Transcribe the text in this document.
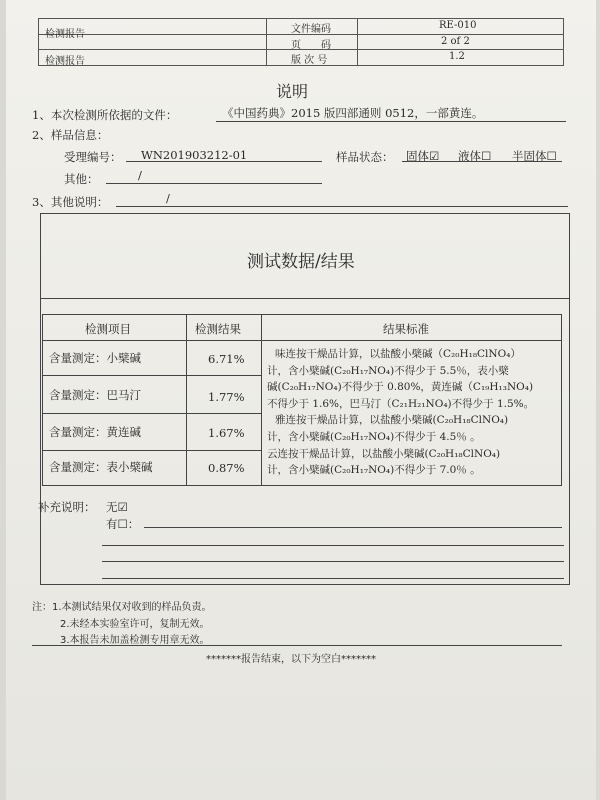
检测报告
检测报告
文件编码	RE-010
页　　码	2 of 2
版 次 号	1.2
说明
1、本次检测所依据的文件：	《中国药典》2015 版四部通则 0512，一部黄连。
2、样品信息：
受理编号： WN201903212-01	样品状态： 固体☑ 液体☐ 半固体☐
其他：	/
3、其他说明：	/
测试数据/结果
检测项目	检测结果	结果标准
含量测定：小檗碱	6.71%
含量测定：巴马汀	1.77%
含量测定：黄连碱	1.67%
含量测定：表小檗碱	0.87%
味连按干燥品计算，以盐酸小檗碱（C₂₀H₁₈ClNO₄）
计，含小檗碱(C₂₀H₁₇NO₄)不得少于 5.5％，表小檗
碱(C₂₀H₁₇NO₄)不得少于 0.80%，黄连碱（C₁₉H₁₃NO₄)
不得少于 1.6%，巴马汀（C₂₁H₂₁NO₄)不得少于 1.5%。
雅连按干燥品计算，以盐酸小檗碱(C₂₀H₁₈ClNO₄)
计，含小檗碱(C₂₀H₁₇NO₄)不得少于 4.5％ 。
云连按干燥品计算，以盐酸小檗碱(C₂₀H₁₈ClNO₄)
计，含小檗碱(C₂₀H₁₇NO₄)不得少于 7.0％ 。
补充说明： 无☑
有☐：
注：1.本测试结果仅对收到的样品负责。
2.未经本实验室许可，复制无效。
3.本报告未加盖检测专用章无效。
*******报告结束，以下为空白*******
